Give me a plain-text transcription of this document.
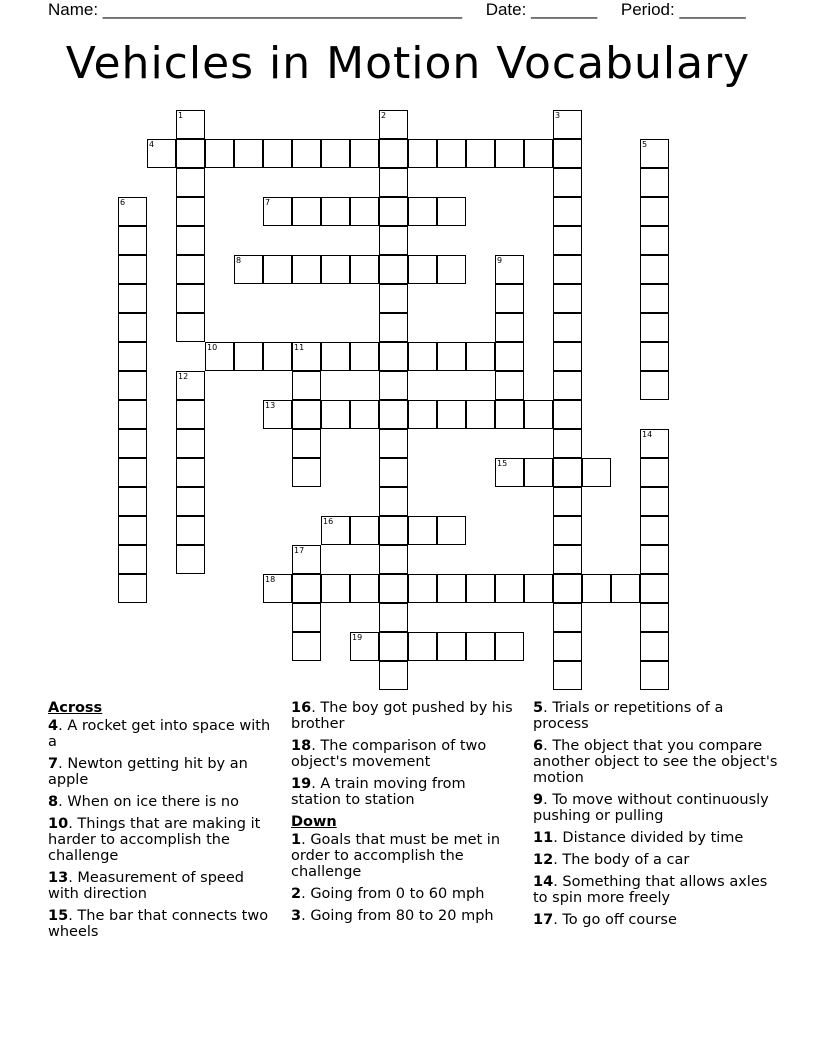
Name: ______________________________________ Date: _______ Period: _______
Vehicles in Motion Vocabulary
1	2	3
4	5
6	7
8	9
10	11
12
13
14
15
16
17
18
19
Across
4. A rocket get into space with a
7. Newton getting hit by an apple
8. When on ice there is no
10. Things that are making it harder to accomplish the challenge
13. Measurement of speed with direction
15. The bar that connects two wheels
16. The boy got pushed by his brother
18. The comparison of two object's movement
19. A train moving from station to station
Down
1. Goals that must be met in order to accomplish the challenge
2. Going from 0 to 60 mph
3. Going from 80 to 20 mph
5. Trials or repetitions of a process
6. The object that you compare another object to see the object's motion
9. To move without continuously pushing or pulling
11. Distance divided by time
12. The body of a car
14. Something that allows axles to spin more freely
17. To go off course
